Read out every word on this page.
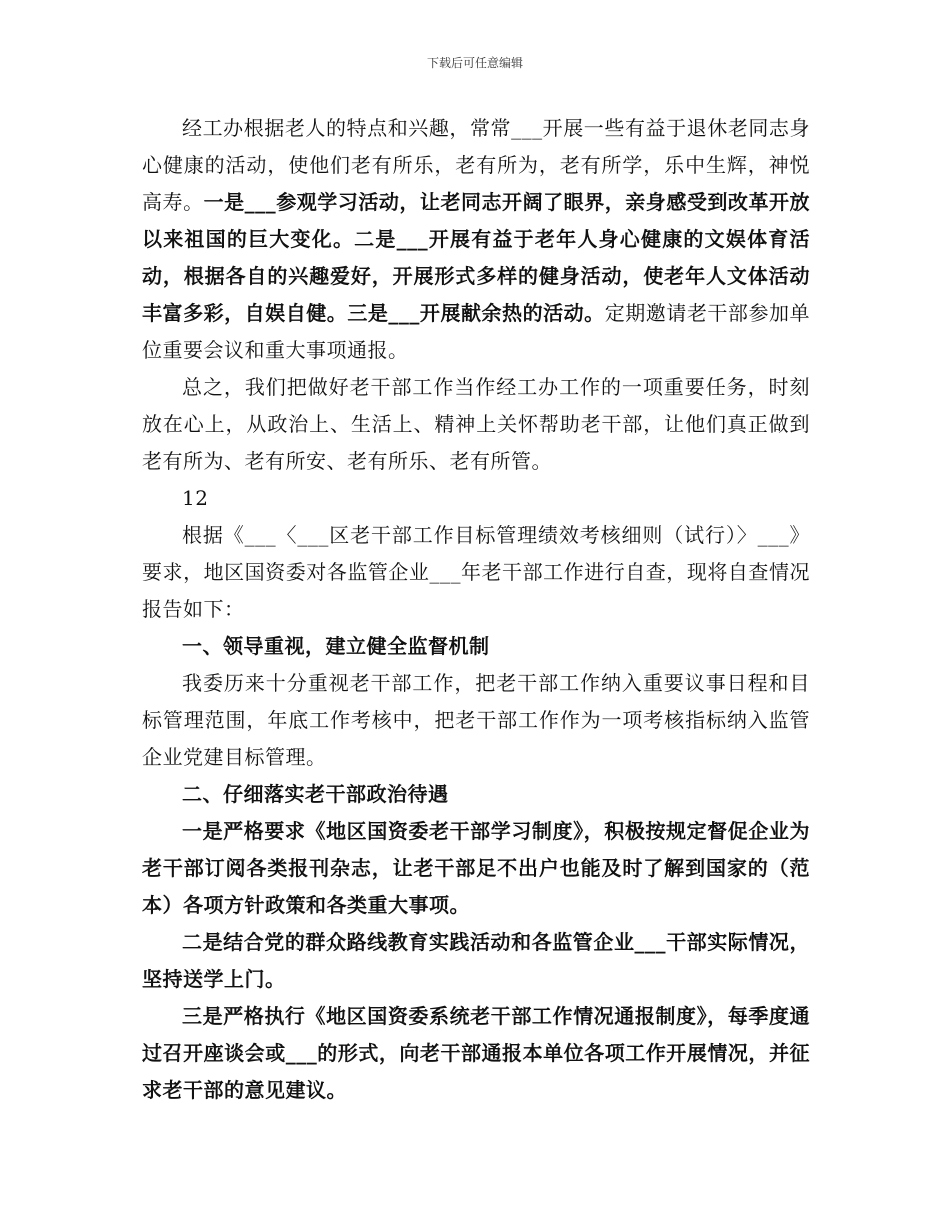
下载后可任意编辑

经工办根据老人的特点和兴趣，常常___开展一些有益于退休老同志身心健康的活动，使他们老有所乐，老有所为，老有所学，乐中生辉，神悦高寿。一是___参观学习活动，让老同志开阔了眼界，亲身感受到改革开放以来祖国的巨大变化。二是___开展有益于老年人身心健康的文娱体育活动，根据各自的兴趣爱好，开展形式多样的健身活动，使老年人文体活动丰富多彩，自娱自健。三是___开展献余热的活动。定期邀请老干部参加单位重要会议和重大事项通报。

总之，我们把做好老干部工作当作经工办工作的一项重要任务，时刻放在心上，从政治上、生活上、精神上关怀帮助老干部，让他们真正做到老有所为、老有所安、老有所乐、老有所管。

12

根据《___〈___区老干部工作目标管理绩效考核细则（试行）〉___》要求，地区国资委对各监管企业___年老干部工作进行自查，现将自查情况报告如下：

一、领导重视，建立健全监督机制

我委历来十分重视老干部工作，把老干部工作纳入重要议事日程和目标管理范围，年底工作考核中，把老干部工作作为一项考核指标纳入监管企业党建目标管理。

二、仔细落实老干部政治待遇

一是严格要求《地区国资委老干部学习制度》，积极按规定督促企业为老干部订阅各类报刊杂志，让老干部足不出户也能及时了解到国家的（范本）各项方针政策和各类重大事项。

二是结合党的群众路线教育实践活动和各监管企业___干部实际情况，坚持送学上门。

三是严格执行《地区国资委系统老干部工作情况通报制度》，每季度通过召开座谈会或___的形式，向老干部通报本单位各项工作开展情况，并征求老干部的意见建议。
